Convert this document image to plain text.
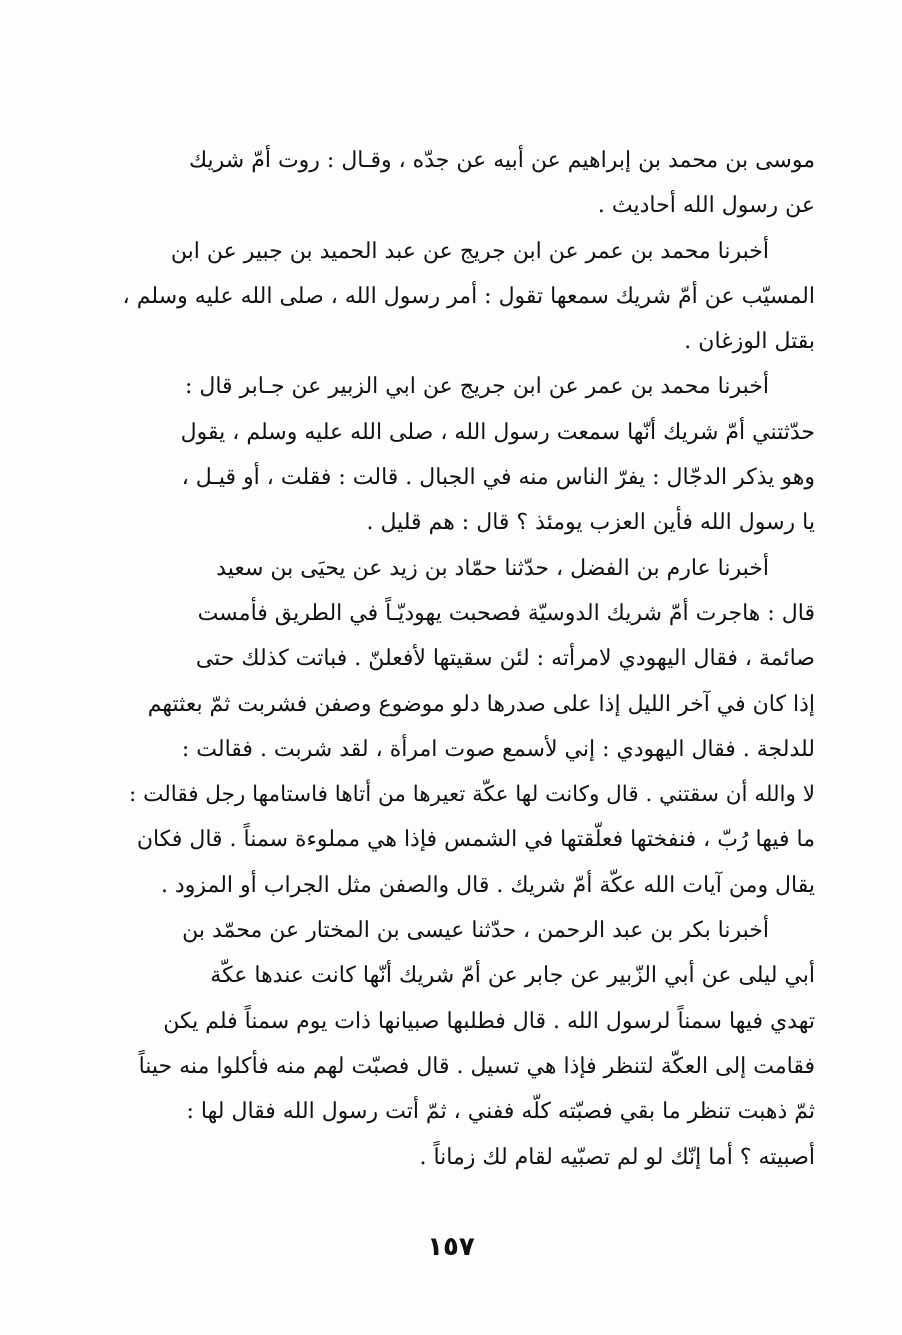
موسى بن محمد بن إبراهيم عن أبيه عن جدّه ، وقـال : روت أمّ شريك
عن رسول الله أحاديث .
أخبرنا محمد بن عمر عن ابن جريج عن عبد الحميد بن جبير عن ابن
المسيّب عن أمّ شريك سمعها تقول : أمر رسول الله ، صلى الله عليه وسلم ،
بقتل الوزغان .
أخبرنا محمد بن عمر عن ابن جريج عن ابي الزبير عن جـابر قال :
حدّثتني أمّ شريك أنّها سمعت رسول الله ، صلى الله عليه وسلم ، يقول
وهو يذكر الدجّال : يفرّ الناس منه في الجبال . قالت : فقلت ، أو قيـل ،
يا رسول الله فأين العزب يومئذ ؟ قال : هم قليل .
أخبرنا عارم بن الفضل ، حدّثنا حمّاد بن زيد عن يحيَى بن سعيد
قال : هاجرت أمّ شريك الدوسيّة فصحبت يهوديّـاً في الطريق فأمست
صائمة ، فقال اليهودي لامرأته : لئن سقيتها لأفعلنّ . فباتت كذلك حتى
إذا كان في آخر الليل إذا على صدرها دلو موضوع وصفن فشربت ثمّ بعثتهم
للدلجة . فقال اليهودي : إني لأسمع صوت امرأة ، لقد شربت . فقالت :
لا والله أن سقتني . قال وكانت لها عكّة تعيرها من أتاها فاستامها رجل فقالت :
ما فيها رُبّ ، فنفختها فعلّقتها في الشمس فإذا هي مملوءة سمناً . قال فكان
يقال ومن آيات الله عكّة أمّ شريك . قال والصفن مثل الجراب أو المزود .
أخبرنا بكر بن عبد الرحمن ، حدّثنا عيسى بن المختار عن محمّد بن
أبي ليلى عن أبي الزّبير عن جابر عن أمّ شريك أنّها كانت عندها عكّة
تهدي فيها سمناً لرسول الله . قال فطلبها صبيانها ذات يوم سمناً فلم يكن
فقامت إلى العكّة لتنظر فإذا هي تسيل . قال فصبّت لهم منه فأكلوا منه حيناً
ثمّ ذهبت تنظر ما بقي فصبّته كلّه ففني ، ثمّ أتت رسول الله فقال لها :
أصبيته ؟ أما إنّك لو لم تصبّيه لقام لك زماناً .
١٥٧
